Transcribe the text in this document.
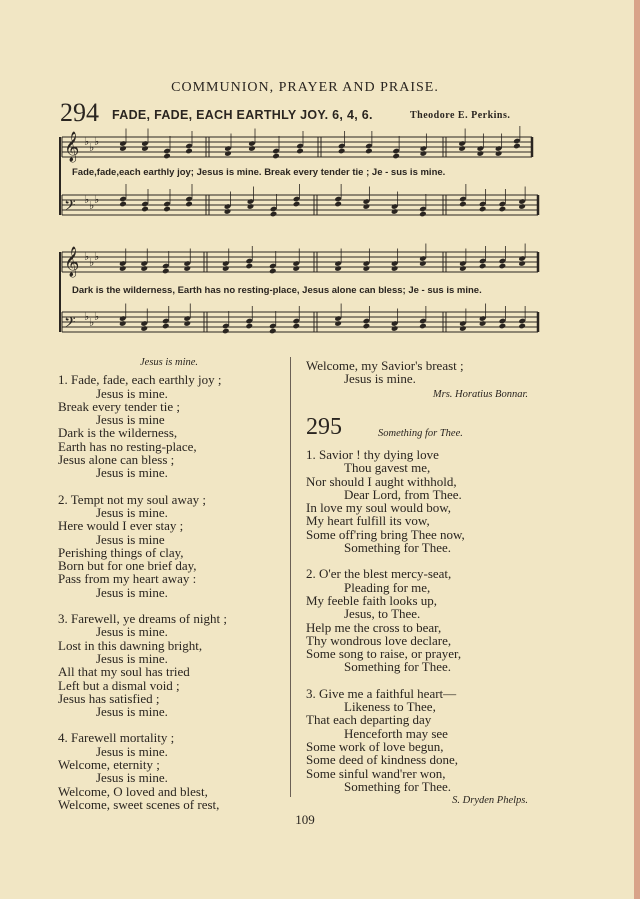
COMMUNION, PRAYER AND PRAISE.
294 FADE, FADE, EACH EARTHLY JOY. 6, 4, 6.	Theodore E. Perkins.
𝄞 ♭ ♭ ♭
𝄢 ♭ ♭ ♭
𝄞 ♭ ♭ ♭
𝄢 ♭ ♭ ♭
Fade,fade,each earthly joy; Jesus is mine. Break every tender tie ; Je - sus is mine.
Dark is the wilderness, Earth has no resting-place, Jesus alone can bless; Je - sus is mine.
Jesus is mine.
1. Fade, fade, each earthly joy ;
Jesus is mine.
Break every tender tie ;
Jesus is mine
Dark is the wilderness,
Earth has no resting-place,
Jesus alone can bless ;
Jesus is mine.
2. Tempt not my soul away ;
Jesus is mine.
Here would I ever stay ;
Jesus is mine
Perishing things of clay,
Born but for one brief day,
Pass from my heart away :
Jesus is mine.
3. Farewell, ye dreams of night ;
Jesus is mine.
Lost in this dawning bright,
Jesus is mine.
All that my soul has tried
Left but a dismal void ;
Jesus has satisfied ;
Jesus is mine.
4. Farewell mortality ;
Jesus is mine.
Welcome, eternity ;
Jesus is mine.
Welcome, O loved and blest,
Welcome, sweet scenes of rest,
Welcome, my Savior's breast ;
Jesus is mine.
Mrs. Horatius Bonnar.
295	Something for Thee.
1. Savior ! thy dying love
Thou gavest me,
Nor should I aught withhold,
Dear Lord, from Thee.
In love my soul would bow,
My heart fulfill its vow,
Some off'ring bring Thee now,
Something for Thee.
2. O'er the blest mercy-seat,
Pleading for me,
My feeble faith looks up,
Jesus, to Thee.
Help me the cross to bear,
Thy wondrous love declare,
Some song to raise, or prayer,
Something for Thee.
3. Give me a faithful heart—
Likeness to Thee,
That each departing day
Henceforth may see
Some work of love begun,
Some deed of kindness done,
Some sinful wand'rer won,
Something for Thee.
S. Dryden Phelps.
109
